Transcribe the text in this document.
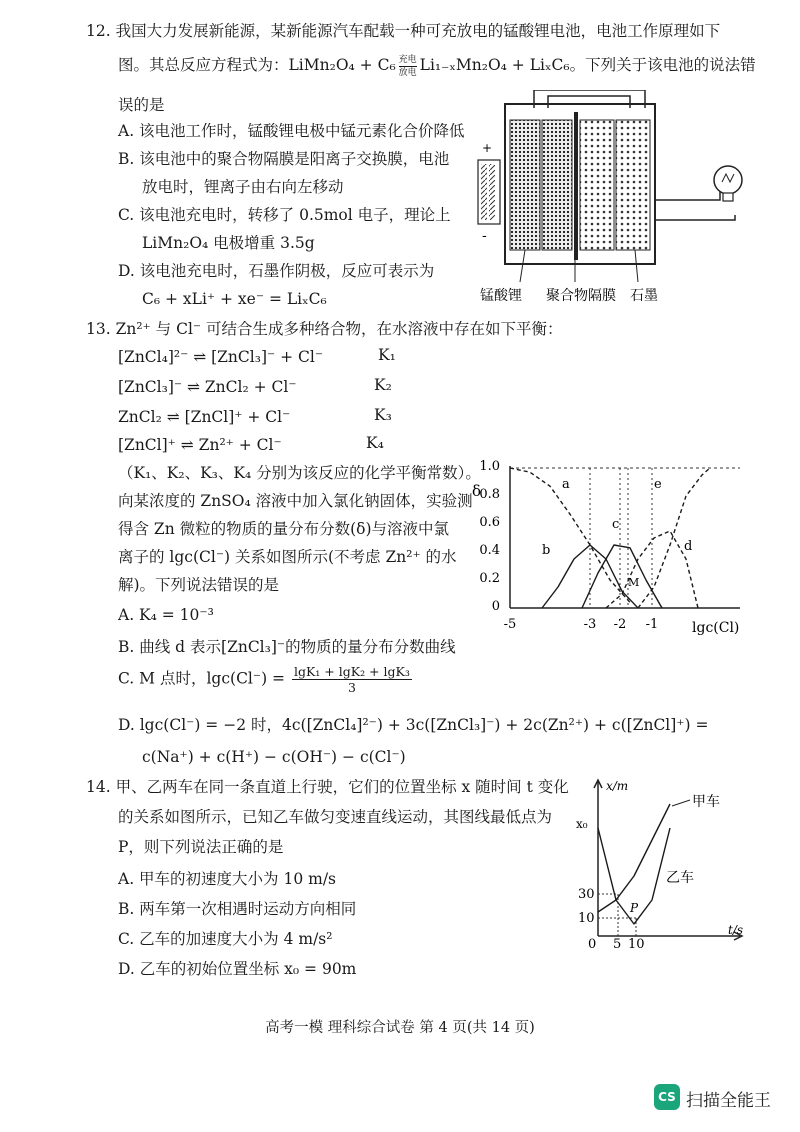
12. 我国大力发展新能源，某新能源汽车配载一种可充放电的锰酸锂电池，电池工作原理如下
图。其总反应方程式为：LiMn₂O₄ + C₆ 充电
放电 Li₁₋ₓMn₂O₄ + LiₓC₆。下列关于该电池的说法错
误的是
A. 该电池工作时，锰酸锂电极中锰元素化合价降低
B. 该电池中的聚合物隔膜是阳离子交换膜，电池
放电时，锂离子由右向左移动
C. 该电池充电时，转移了 0.5mol 电子，理论上
LiMn₂O₄ 电极增重 3.5g
D. 该电池充电时，石墨作阴极，反应可表示为
C₆ + xLi⁺ + xe⁻ = LiₓC₆
+
-
锰酸锂 聚合物隔膜 石墨
13. Zn²⁺ 与 Cl⁻ 可结合生成多种络合物，在水溶液中存在如下平衡：
[ZnCl₄]²⁻ ⇌ [ZnCl₃]⁻ + Cl⁻	K₁
[ZnCl₃]⁻ ⇌ ZnCl₂ + Cl⁻	K₂
ZnCl₂ ⇌ [ZnCl]⁺ + Cl⁻	K₃
[ZnCl]⁺ ⇌ Zn²⁺ + Cl⁻	K₄
（K₁、K₂、K₃、K₄ 分别为该反应的化学平衡常数）。
向某浓度的 ZnSO₄ 溶液中加入氯化钠固体，实验测
得含 Zn 微粒的物质的量分布分数(δ)与溶液中氯
离子的 lgc(Cl⁻) 关系如图所示(不考虑 Zn²⁺ 的水
解)。下列说法错误的是
A. K₄ = 10⁻³
B. 曲线 d 表示[ZnCl₃]⁻的物质的量分布分数曲线
C. M 点时，$\lg c(Cl^-) = \frac{\text{lgK₁ + lgK₂ + lgK₃}}{3}$
D. lgc(Cl⁻) = −2 时，4c([ZnCl₄]²⁻) + 3c([ZnCl₃]⁻) + 2c(Zn²⁺) + c([ZnCl]⁺) =
c(Na⁺) + c(H⁺) − c(OH⁻) − c(Cl⁻)
δ
1.0
0.8
0.6
0.4
0.2
0
-5	-3 -2 -1 lgc(Cl)
a
b
c
d
e
M
14. 甲、乙两车在同一条直道上行驶，它们的位置坐标 x 随时间 t 变化
的关系如图所示，已知乙车做匀变速直线运动，其图线最低点为
P，则下列说法正确的是
A. 甲车的初速度大小为 10 m/s
B. 两车第一次相遇时运动方向相同
C. 乙车的加速度大小为 4 m/s²
D. 乙车的初始位置坐标 x₀ = 90m
x/m
t/s
x₀
30
10
0 5 10
P
甲车
乙车
高考一模 理科综合试卷 第 4 页(共 14 页)
CS 扫描全能王
